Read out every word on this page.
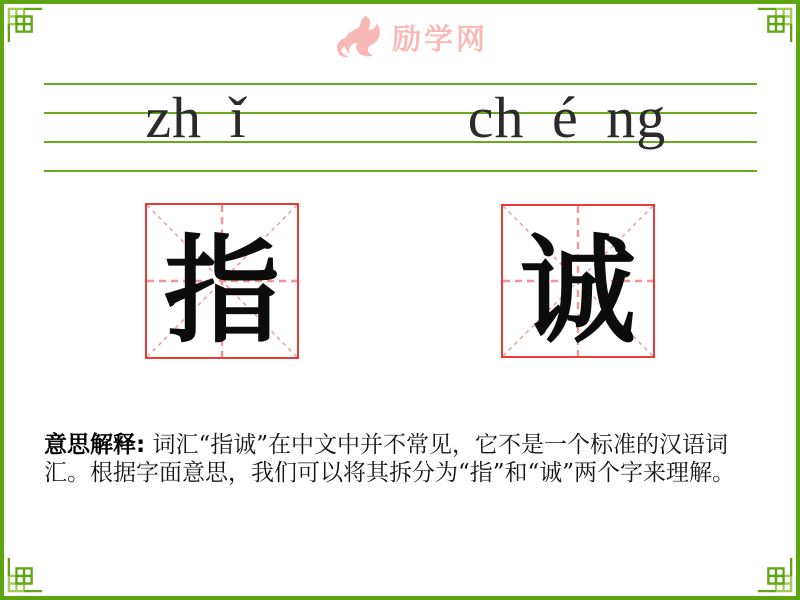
励学网
zh ǐ	ch é ng
指 诚

意思解释: 词汇“指诚”在中文中并不常见，它不是一个标准的汉语词汇。根据字面意思，我们可以将其拆分为“指”和“诚”两个字来理解。
